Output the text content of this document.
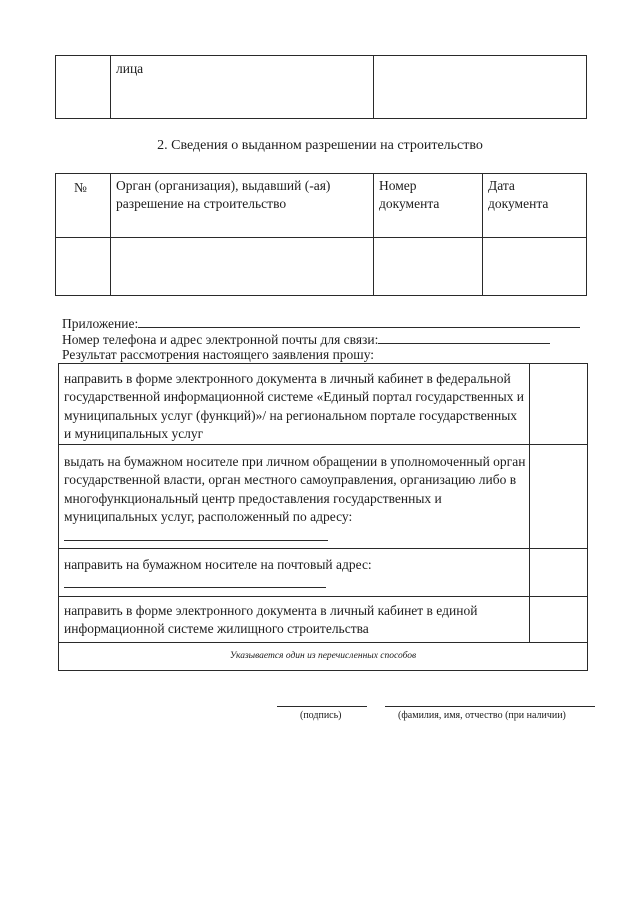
лица
2. Сведения о выданном разрешении на строительство
№ Орган (организация), выдавший (-ая) разрешение на строительство
Номер документа
Дата документа
Приложение:
Номер телефона и адрес электронной почты для связи:
Результат рассмотрения настоящего заявления прошу:
направить в форме электронного документа в личный кабинет в федеральной государственной информационной системе «Единый портал государственных и муниципальных услуг (функций)»/ на региональном портале государственных и муниципальных услуг
выдать на бумажном носителе при личном обращении в уполномоченный орган государственной власти, орган местного самоуправления, организацию либо в многофункциональный центр предоставления государственных и муниципальных услуг, расположенный по адресу:
направить на бумажном носителе на почтовый адрес:
направить в форме электронного документа в личный кабинет в единой информационной системе жилищного строительства
Указывается один из перечисленных способов
(подпись)	(фамилия, имя, отчество (при наличии)
